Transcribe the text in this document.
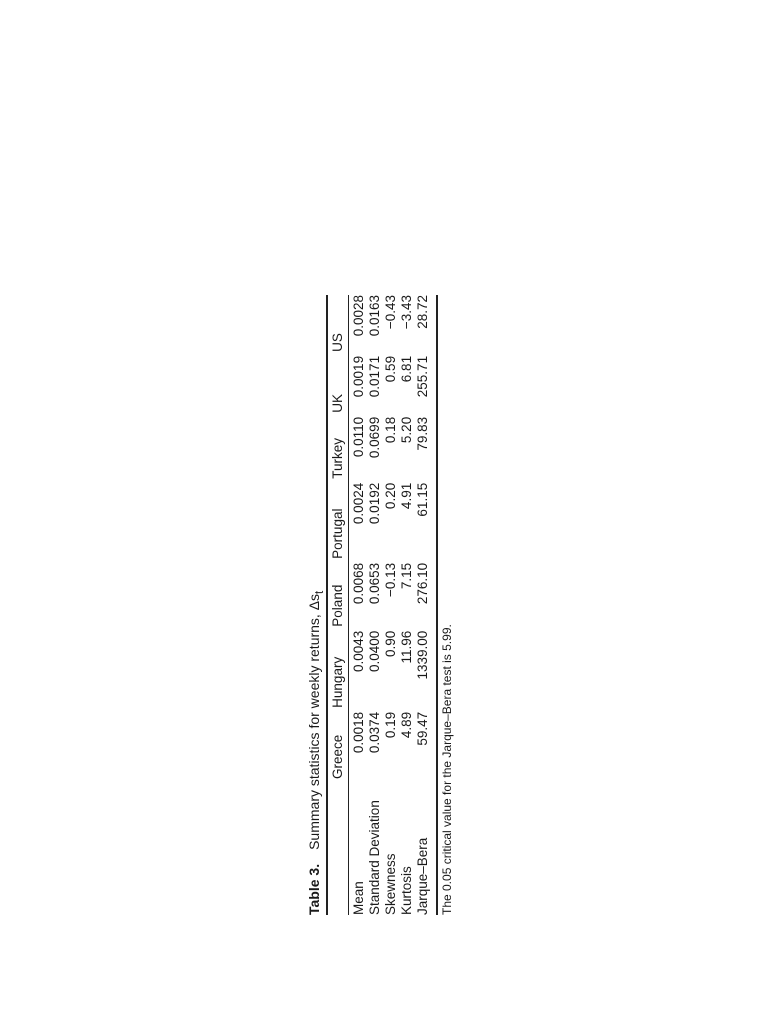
Table 3.Summary statistics for weekly returns, $\Delta s_t$
	Greece	Hungary	Poland	Portugal	Turkey	UK	US
Mean	0.0018	0.0043	0.0068	0.0024	0.0110	0.0019	0.0028
Standard Deviation	0.0374	0.0400	0.0653	0.0192	0.0699	0.0171	0.0163
Skewness	0.19	0.90	−0.13	0.20	0.18	0.59	−0.43
Kurtosis	4.89	11.96	7.15	4.91	5.20	6.81	−3.43
Jarque–Bera	59.47	1339.00	276.10	61.15	79.83	255.71	28.72
The 0.05 critical value for the Jarque–Bera test is 5.99.
